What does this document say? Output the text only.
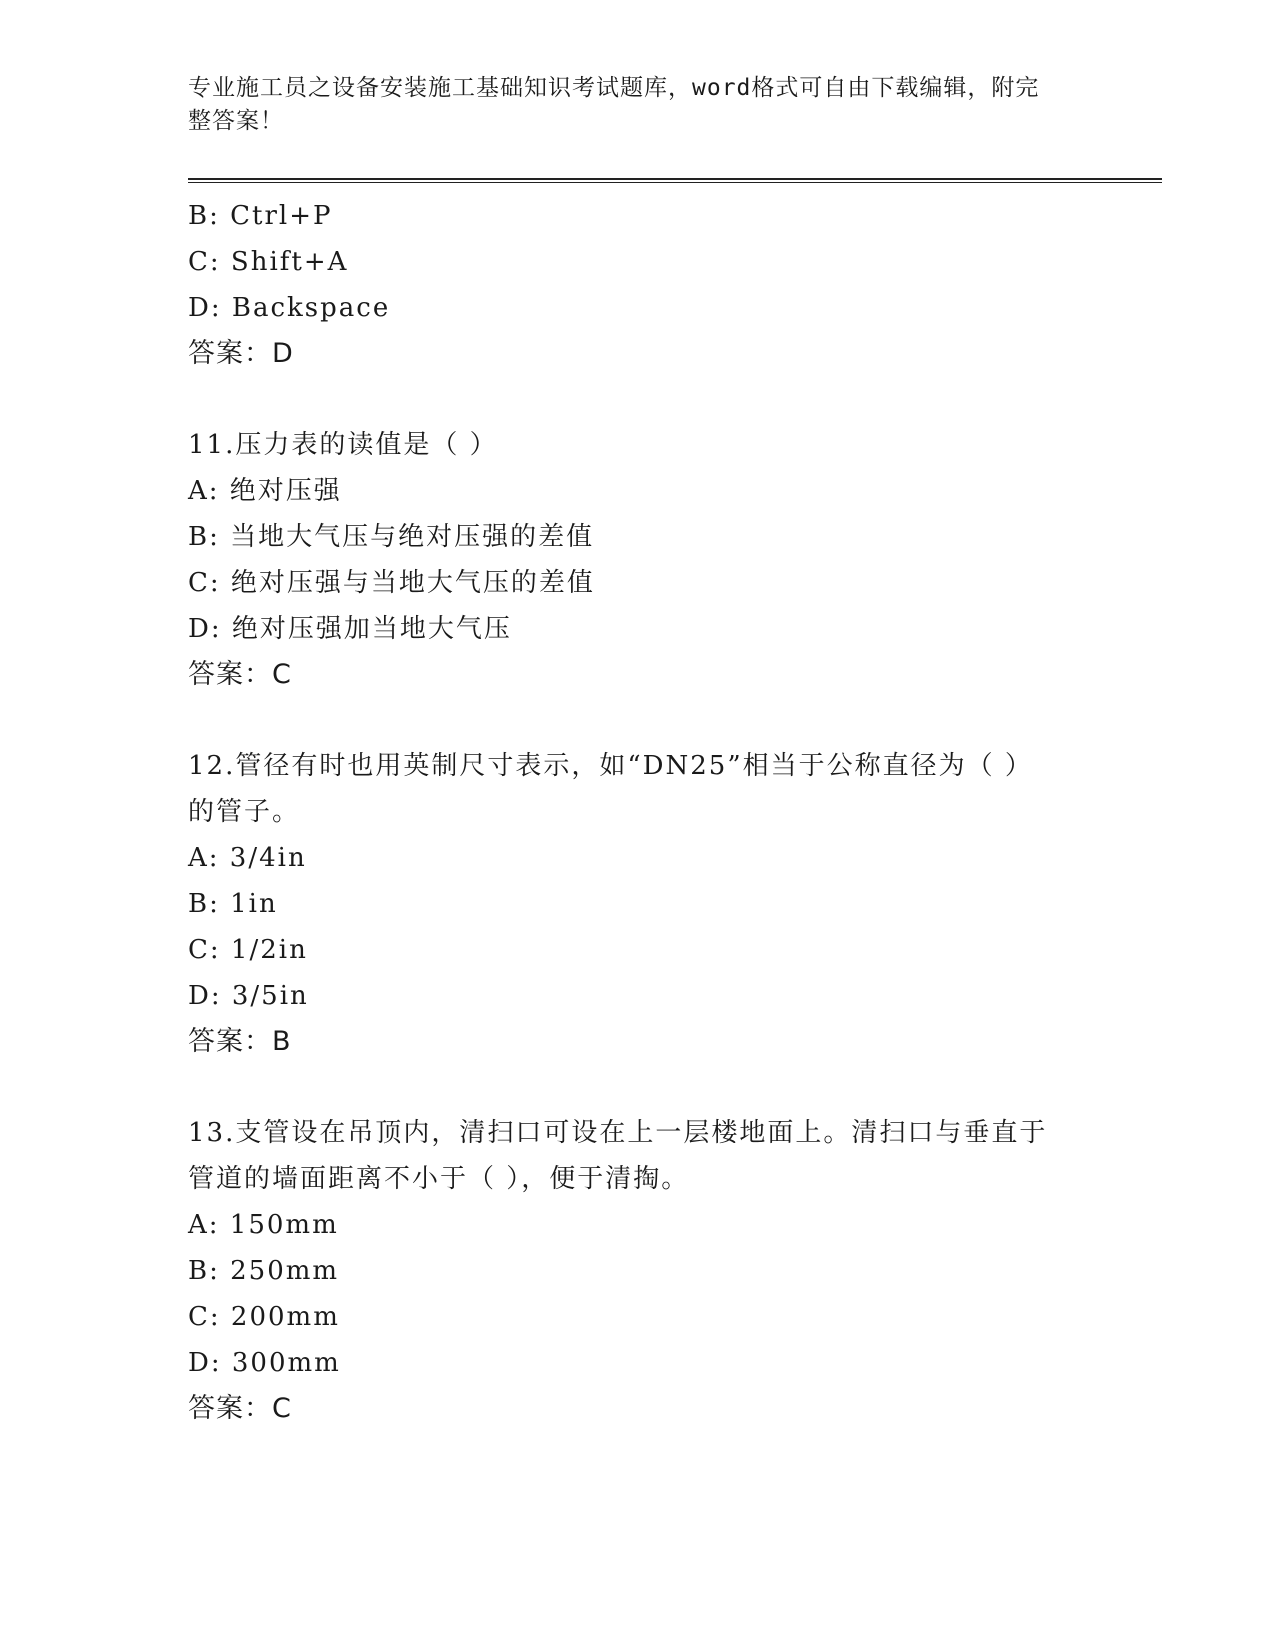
专业施工员之设备安装施工基础知识考试题库，word格式可自由下载编辑，附完
整答案！
B: Ctrl+P
C: Shift+A
D: Backspace
答案：D
11.压力表的读值是（ ）
A: 绝对压强
B: 当地大气压与绝对压强的差值
C: 绝对压强与当地大气压的差值
D: 绝对压强加当地大气压
答案：C
12.管径有时也用英制尺寸表示，如“DN25”相当于公称直径为（ ）
的管子。
A: 3/4in
B: 1in
C: 1/2in
D: 3/5in
答案：B
13.支管设在吊顶内，清扫口可设在上一层楼地面上。清扫口与垂直于
管道的墙面距离不小于（ ），便于清掏。
A: 150mm
B: 250mm
C: 200mm
D: 300mm
答案：C
